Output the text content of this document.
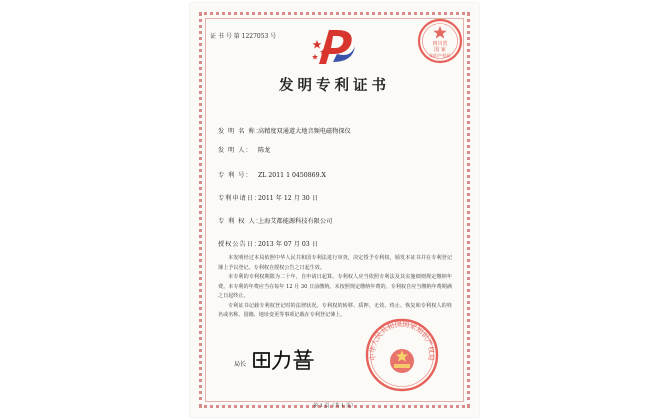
证 书 号 第 1227053 号
四川省
国 家
知识产权局
发明专利证书
发 明 名 称：高精度双通道大地音频电磁物探仪
发 明 人： 陈龙
专 利 号： ZL 2011 1 0450869.X
专利申请日：2011 年 12 月 30 日
专 利 权 人：上海艾都能源科技有限公司
授权公告日：2013 年 07 月 03 日

本发明经过本局依照中华人民共和国专利法进行审查，决定授予专利权，颁发本证书并在专利登记簿上予以登记。专利权自授权公告之日起生效。

本专利的专利权期限为二十年，自申请日起算。专利权人应当依照专利法及其实施细则规定缴纳年费。本专利的年费应当在每年 12 月 30 日前缴纳。未按照规定缴纳年费的，专利权自应当缴纳年费期满之日起终止。

专利证书记载专利权登记时的法律状况。专利权的转移、质押、无效、终止、恢复和专利权人的姓名或名称、国籍、地址变更等事项记载在专利登记簿上。

局长
中华人民共和国国家知识产权局
第 1 页（共 1 页）
